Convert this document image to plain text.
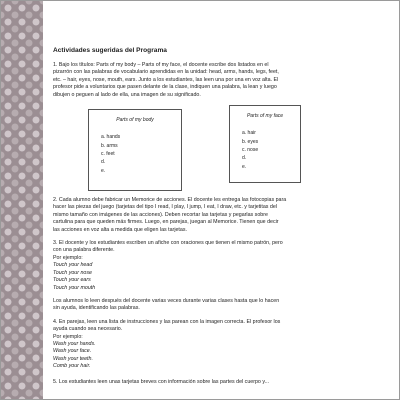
Actividades sugeridas del Programa

1. Bajo los títulos: Parts of my body – Parts of my face, el docente escribe dos listados en el

pizarrón con las palabras de vocabulario aprendidas en la unidad: head, arms, hands, legs, feet,

etc. – hair, eyes, nose, mouth, ears. Junto a los estudiantes, las leen una por una en voz alta. El

profesor pide a voluntarios que pasen delante de la clase, indiquen una palabra, la lean y luego

dibujen o peguen al lado de ella, una imagen de su significado.

Parts of my body
a. hands
b. arms
c. feet
d.
e.
Parts of my face
a. hair
b. eyes
c. nose
d.
e.

2. Cada alumno debe fabricar un Memorice de acciones. El docente les entrega las fotocopias para

hacer las piezas del juego (tarjetas del tipo I read, I play, I jump, I eat, I draw, etc. y tarjetitas del

mismo tamaño con imágenes de las acciones). Deben recortar las tarjetas y pegarlas sobre

cartulina para que queden más firmes. Luego, en parejas, juegan al Memorice. Tienen que decir

las acciones en voz alta a medida que eligen las tarjetas.

3. El docente y los estudiantes escriben un afiche con oraciones que tienen el mismo patrón, pero

con una palabra diferente.

Por ejemplo:

Touch your head

Touch your nose

Touch your ears

Touch your mouth

Los alumnos lo leen después del docente varias veces durante varias clases hasta que lo hacen

sin ayuda, identificando las palabras.

4. En parejas, leen una lista de instrucciones y las parean con la imagen correcta. El profesor los

ayuda cuando sea necesario.

Por ejemplo:

Wash your hands.

Wash your face.

Wash your teeth.

Comb your hair.

5. Los estudiantes leen unas tarjetas breves con información sobre las partes del cuerpo y...
